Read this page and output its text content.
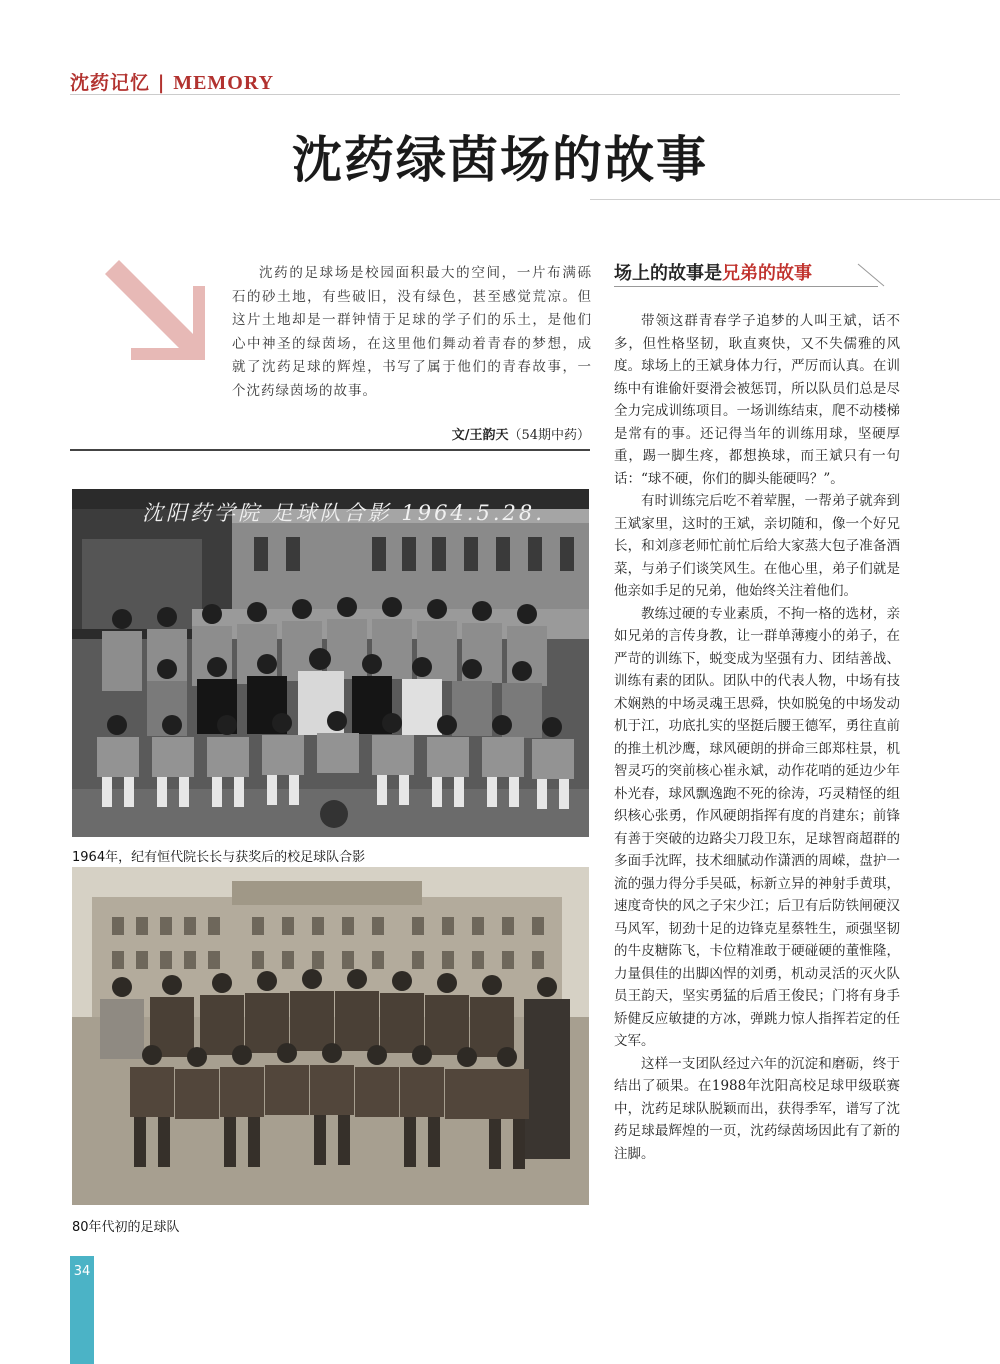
沈药记忆 | MEMORY
沈药绿茵场的故事

沈药的足球场是校园面积最大的空间，一片布满砾石的砂土地，有些破旧，没有绿色，甚至感觉荒凉。但这片土地却是一群钟情于足球的学子们的乐土，是他们心中神圣的绿茵场，在这里他们舞动着青春的梦想，成就了沈药足球的辉煌，书写了属于他们的青春故事，一个沈药绿茵场的故事。

文/王韵天（54期中药）
沈阳药学院 足球队合影 1964.5.28.
1964年，纪有恒代院长长与获奖后的校足球队合影
80年代初的足球队
场上的故事是兄弟的故事

带领这群青春学子追梦的人叫王斌，话不多，但性格坚韧，耿直爽快，又不失儒雅的风度。球场上的王斌身体力行，严厉而认真。在训练中有谁偷奸耍滑会被惩罚，所以队员们总是尽全力完成训练项目。一场训练结束，爬不动楼梯是常有的事。还记得当年的训练用球，坚硬厚重，踢一脚生疼，都想换球，而王斌只有一句话：“球不硬，你们的脚头能硬吗？”。

有时训练完后吃不着荤腥，一帮弟子就奔到王斌家里，这时的王斌，亲切随和，像一个好兄长，和刘彦老师忙前忙后给大家蒸大包子准备酒菜，与弟子们谈笑风生。在他心里，弟子们就是他亲如手足的兄弟，他始终关注着他们。

教练过硬的专业素质，不拘一格的选材，亲如兄弟的言传身教，让一群单薄瘦小的弟子，在严苛的训练下，蜕变成为坚强有力、团结善战、训练有素的团队。团队中的代表人物，中场有技术娴熟的中场灵魂王思舜，快如脱兔的中场发动机于江，功底扎实的坚挺后腰王德军，勇往直前的推土机沙鹰，球风硬朗的拼命三郎郑柱景，机智灵巧的突前核心崔永斌，动作花哨的延边少年朴光春，球风飘逸跑不死的徐涛，巧灵精怪的组织核心张勇，作风硬朗指挥有度的肖建东；前锋有善于突破的边路尖刀段卫东，足球智商超群的多面手沈晖，技术细腻动作潇洒的周嵘，盘护一流的强力得分手吴砥，标新立异的神射手黄琪，速度奇快的风之子宋少江；后卫有后防铁闸硬汉马风军，韧劲十足的边锋克星蔡牲生，顽强坚韧的牛皮糖陈飞，卡位精准敢于硬碰硬的董惟隆，力量俱佳的出脚凶悍的刘勇，机动灵活的灭火队员王韵天，坚实勇猛的后盾王俊民；门将有身手矫健反应敏捷的方冰，弹跳力惊人指挥若定的任文军。

这样一支团队经过六年的沉淀和磨砺，终于结出了硕果。在1988年沈阳高校足球甲级联赛中，沈药足球队脱颖而出，获得季军，谱写了沈药足球最辉煌的一页，沈药绿茵场因此有了新的注脚。

34
